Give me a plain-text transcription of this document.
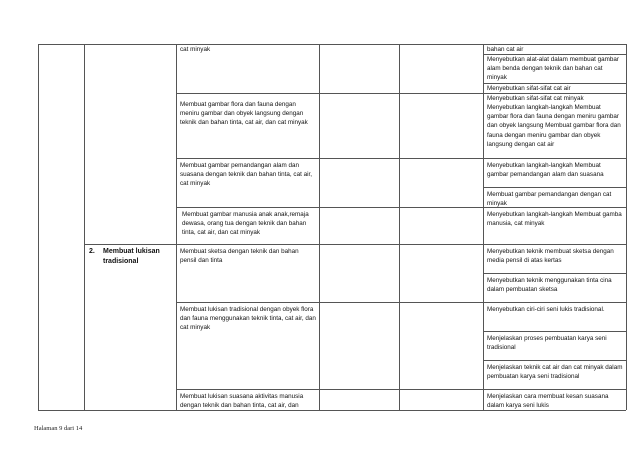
2. Membuat lukisan tradisional
cat minyak
Membuat gambar flora dan fauna dengan meniru gambar dan obyek langsung dengan teknik dan bahan tinta, cat air, dan cat minyak
Membuat gambar pemandangan alam dan suasana dengan teknik dan bahan tinta, cat air, cat minyak
Membuat gambar manusia anak anak,remaja dewasa, orang tua dengan teknik dan bahan tinta, cat air, dan cat minyak
Membuat sketsa dengan teknik dan bahan pensil dan tinta
Membuat lukisan tradisional dengan obyek flora dan fauna menggunakan teknik tinta, cat air, dan cat minyak
Membuat lukisan suasana aktivitas manusia dengan teknik dan bahan tinta, cat air, dan
bahan cat air
Menyebutkan alat-alat dalam membuat gambar alam benda dengan teknik dan bahan cat minyak
Menyebutkan sifat-sifat cat air
Menyebutkan sifat-sifat cat minyak
Menyebutkan langkah-langkah Membuat gambar flora dan fauna dengan meniru gambar dan obyek langsung Membuat gambar flora dan fauna dengan meniru gambar dan obyek langsung dengan cat air
Menyebutkan langkah-langkah Membuat gambar pemandangan alam dan suasana
Membuat gambar pemandangan dengan cat minyak
Menyebutkan langkah-langkah Membuat gamba manusia, cat minyak
Menyebutkan teknik membuat sketsa dengan media pensil di atas kertas
Menyebutkan teknik menggunakan tinta cina dalam pembuatan sketsa
Menyebutkan ciri-ciri seni lukis tradisional.
Menjelaskan proses pembuatan karya seni tradisional
Menjelaskan teknik cat air dan cat minyak dalam pembuatan karya seni tradisional
Menjelaskan cara membuat kesan suasana dalam karya seni lukis
Halaman 9 dari 14
